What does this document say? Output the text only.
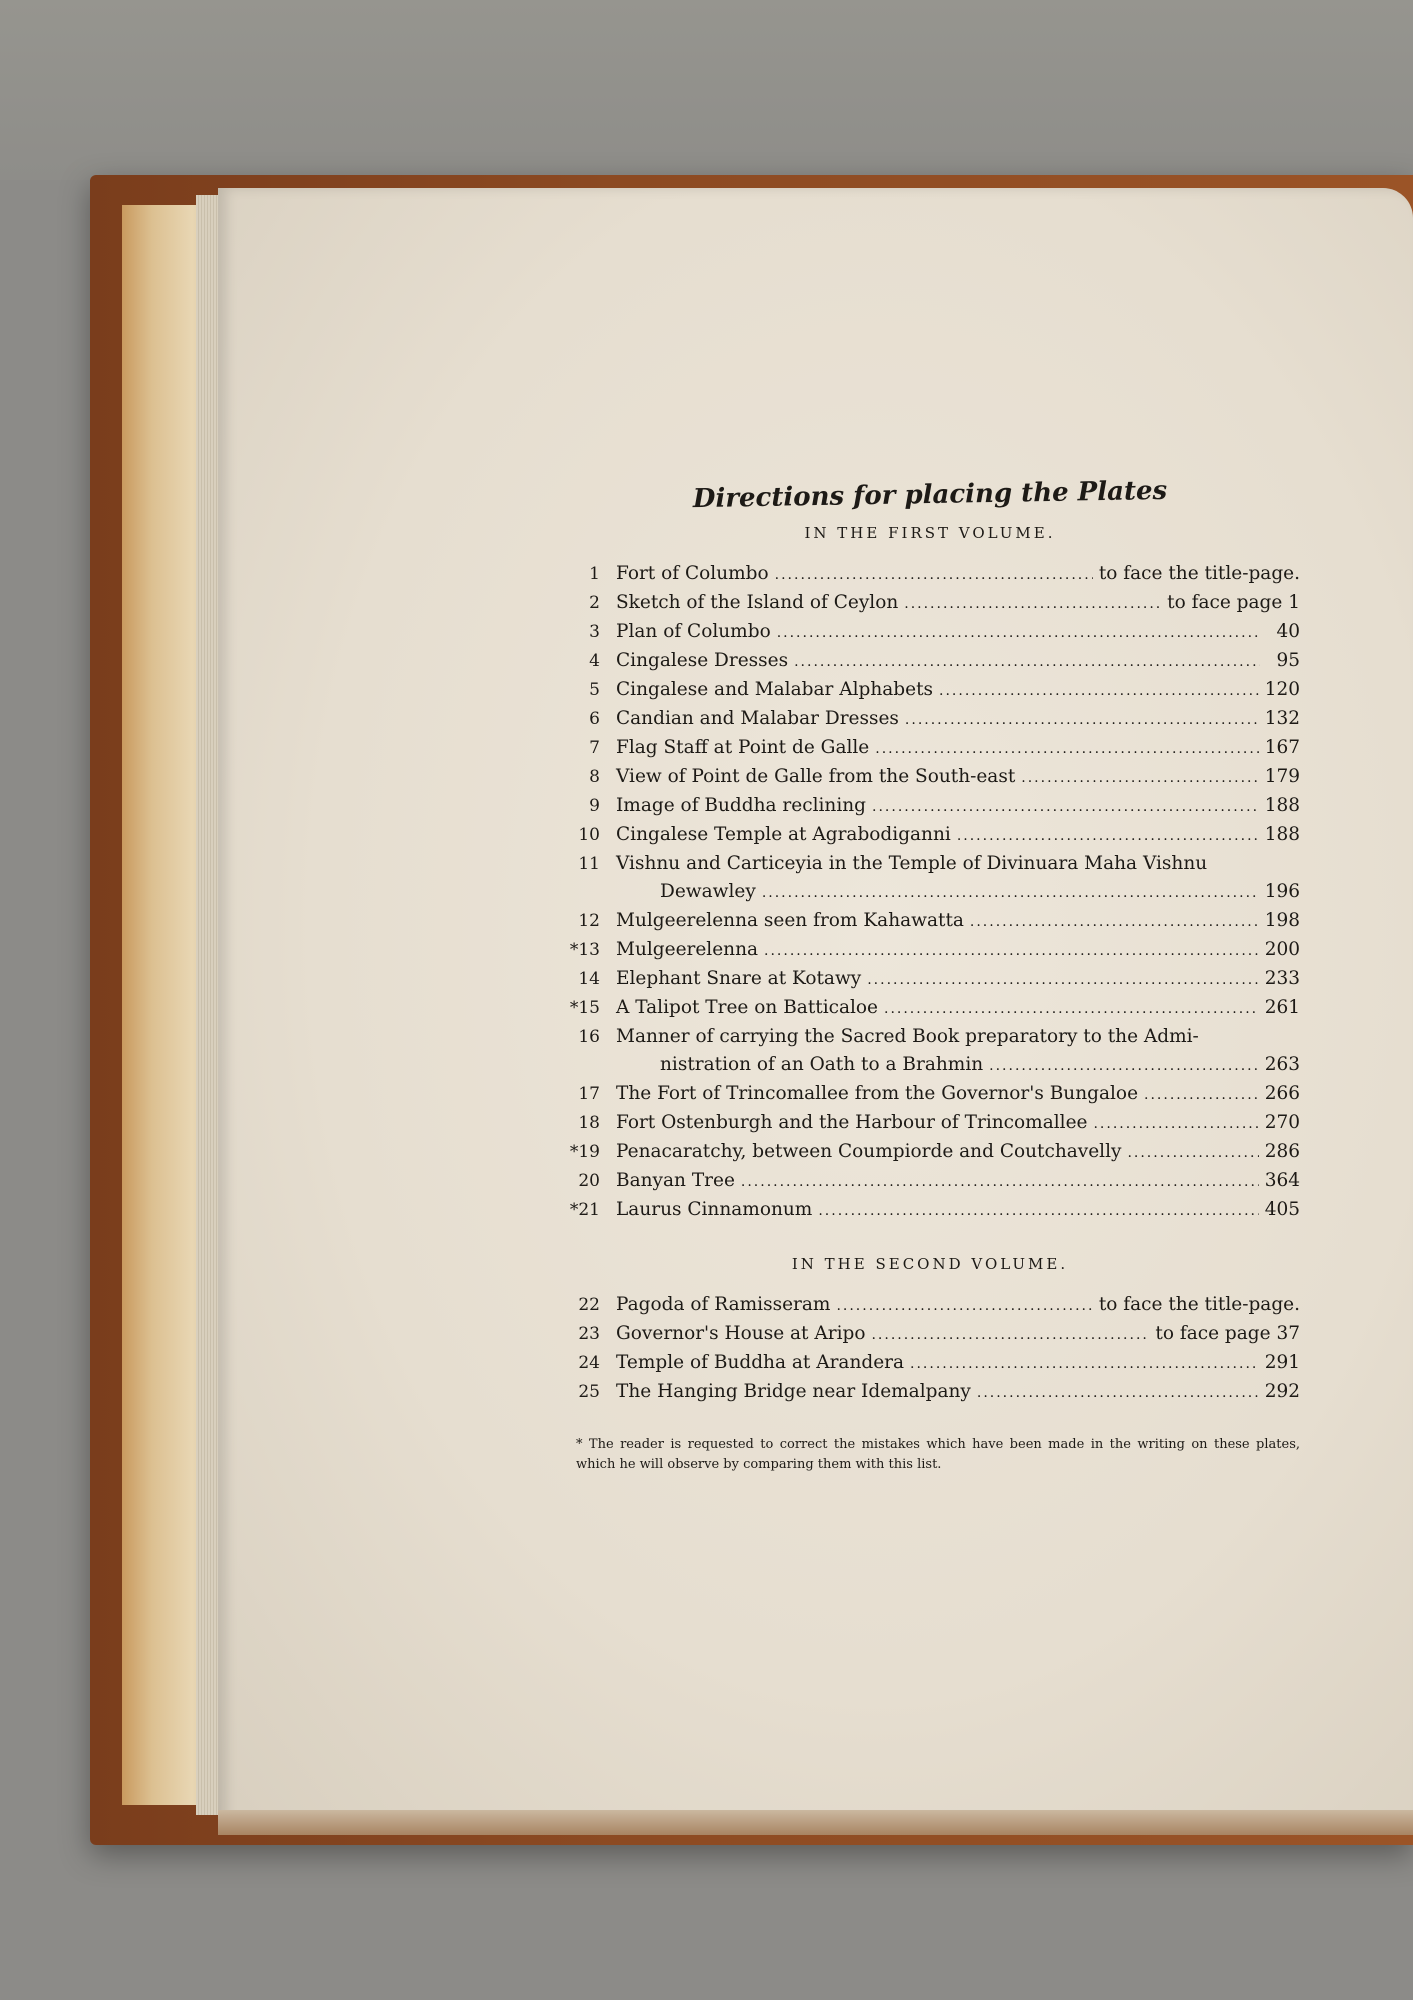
Directions for placing the Plates
IN THE FIRST VOLUME.
1 Fort of Columbo .....	to face the title-page.
2 Sketch of the Island of Ceylon .....	to face page 1
3 Plan of Columbo .....	40
4 Cingalese Dresses .....	95
5 Cingalese and Malabar Alphabets .....	120
6 Candian and Malabar Dresses .....	132
7 Flag Staff at Point de Galle .....	167
8 View of Point de Galle from the South-east .....	179
9 Image of Buddha reclining .....	188
10 Cingalese Temple at Agrabodiganni .....	188
11 Vishnu and Carticeyia in the Temple of Divinuara Maha Vishnu
Dewawley .....	196
12 Mulgeerelenna seen from Kahawatta .....	198
*13 Mulgeerelenna .....	200
14 Elephant Snare at Kotawy .....	233
*15 A Talipot Tree on Batticaloe .....	261
16 Manner of carrying the Sacred Book preparatory to the Admi-
nistration of an Oath to a Brahmin .....	263
17 The Fort of Trincomallee from the Governor's Bungaloe .....	266
18 Fort Ostenburgh and the Harbour of Trincomallee .....	270
*19 Penacaratchy, between Coumpiorde and Coutchavelly .....	286
20 Banyan Tree .....	364
*21 Laurus Cinnamonum .....	405
IN THE SECOND VOLUME.
22 Pagoda of Ramisseram .....	to face the title-page.
23 Governor's House at Aripo .....	to face page 37
24 Temple of Buddha at Arandera .....	291
25 The Hanging Bridge near Idemalpany .....	292

* The reader is requested to correct the mistakes which have been made in the writing on these plates, which he will observe by comparing them with this list.
